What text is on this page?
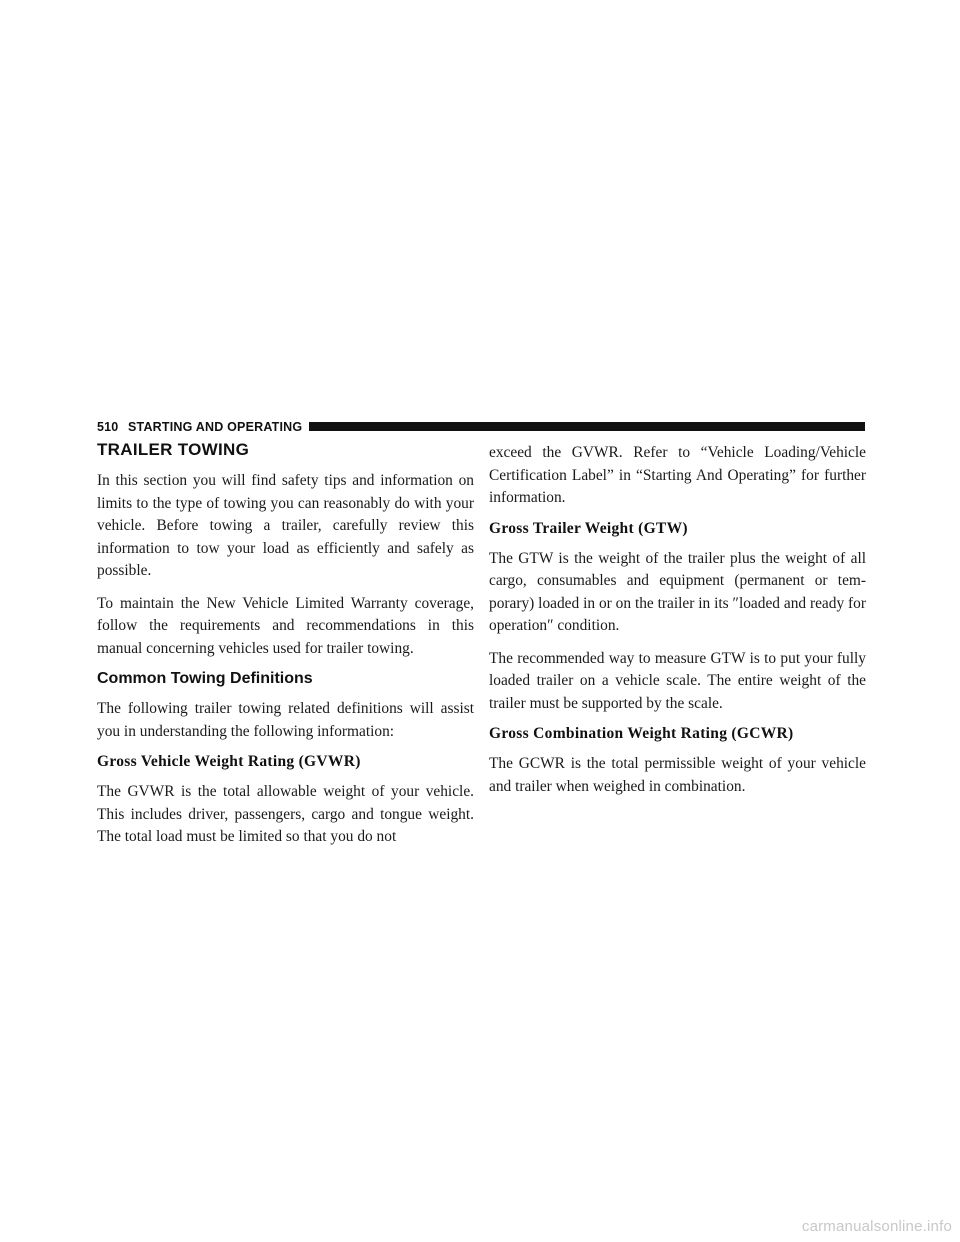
510 STARTING AND OPERATING
TRAILER TOWING

In this section you will find safety tips and information on limits to the type of towing you can reasonably do with your vehicle. Before towing a trailer, carefully review this information to tow your load as efficiently and safely as possible.

To maintain the New Vehicle Limited Warranty coverage, follow the requirements and recommendations in this manual concerning vehicles used for trailer towing.

Common Towing Definitions

The following trailer towing related definitions will assist you in understanding the following information:

Gross Vehicle Weight Rating (GVWR)

The GVWR is the total allowable weight of your vehicle. This includes driver, passengers, cargo and tongue weight. The total load must be limited so that you do not

exceed the GVWR. Refer to “Vehicle Loading/Vehicle Certification Label” in “Starting And Operating” for further information.

Gross Trailer Weight (GTW)

The GTW is the weight of the trailer plus the weight of all cargo, consumables and equipment (permanent or tem-porary) loaded in or on the trailer in its ″loaded and ready for operation″ condition.

The recommended way to measure GTW is to put your fully loaded trailer on a vehicle scale. The entire weight of the trailer must be supported by the scale.

Gross Combination Weight Rating (GCWR)

The GCWR is the total permissible weight of your vehicle and trailer when weighed in combination.

carmanualsonline.info
